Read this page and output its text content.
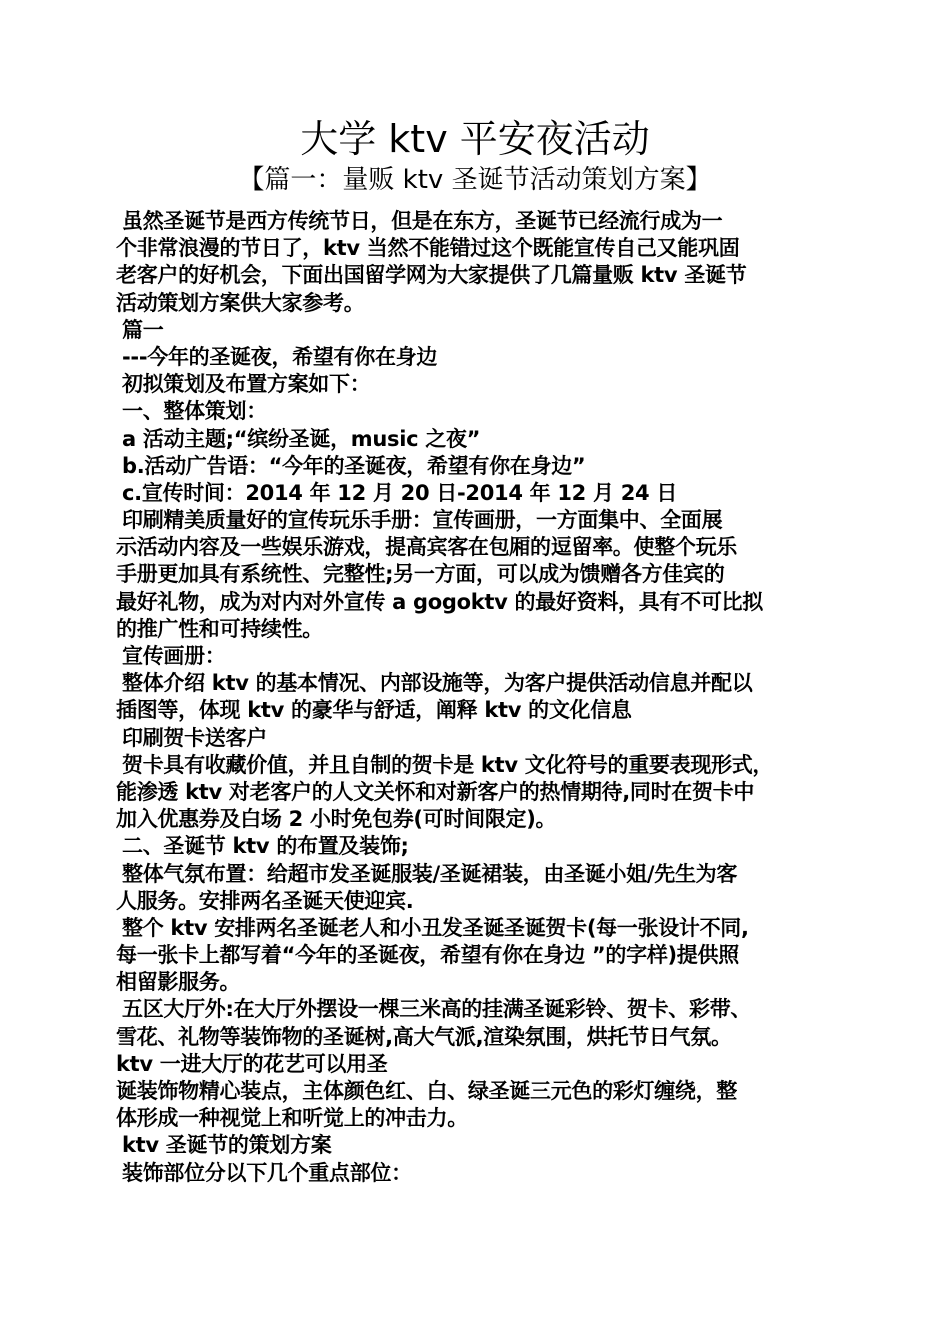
大学 ktv 平安夜活动
【篇一：量贩 ktv 圣诞节活动策划方案】
虽然圣诞节是西方传统节日，但是在东方，圣诞节已经流行成为一
个非常浪漫的节日了，ktv 当然不能错过这个既能宣传自己又能巩固
老客户的好机会，下面出国留学网为大家提供了几篇量贩 ktv 圣诞节
活动策划方案供大家参考。
篇一
---今年的圣诞夜，希望有你在身边
初拟策划及布置方案如下：
一、整体策划：
a 活动主题;“缤纷圣诞，music 之夜”
b.活动广告语：“今年的圣诞夜，希望有你在身边”
c.宣传时间：2014 年 12 月 20 日-2014 年 12 月 24 日
印刷精美质量好的宣传玩乐手册：宣传画册，一方面集中、全面展
示活动内容及一些娱乐游戏，提高宾客在包厢的逗留率。使整个玩乐
手册更加具有系统性、完整性;另一方面，可以成为馈赠各方佳宾的
最好礼物，成为对内对外宣传 a gogoktv 的最好资料，具有不可比拟
的推广性和可持续性。
宣传画册：
整体介绍 ktv 的基本情况、内部设施等，为客户提供活动信息并配以
插图等，体现 ktv 的豪华与舒适，阐释 ktv 的文化信息
印刷贺卡送客户
贺卡具有收藏价值，并且自制的贺卡是 ktv 文化符号的重要表现形式，
能渗透 ktv 对老客户的人文关怀和对新客户的热情期待,同时在贺卡中
加入优惠券及白场 2 小时免包券(可时间限定)。
二、圣诞节 ktv 的布置及装饰;
整体气氛布置：给超市发圣诞服装/圣诞裙装，由圣诞小姐/先生为客
人服务。安排两名圣诞天使迎宾.
整个 ktv 安排两名圣诞老人和小丑发圣诞圣诞贺卡(每一张设计不同,
每一张卡上都写着“今年的圣诞夜，希望有你在身边 ”的字样)提供照
相留影服务。
五区大厅外:在大厅外摆设一棵三米高的挂满圣诞彩铃、贺卡、彩带、
雪花、礼物等装饰物的圣诞树,高大气派,渲染氛围，烘托节日气氛。
ktv 一进大厅的花艺可以用圣
诞装饰物精心装点，主体颜色红、白、绿圣诞三元色的彩灯缠绕，整
体形成一种视觉上和听觉上的冲击力。
ktv 圣诞节的策划方案
装饰部位分以下几个重点部位：
